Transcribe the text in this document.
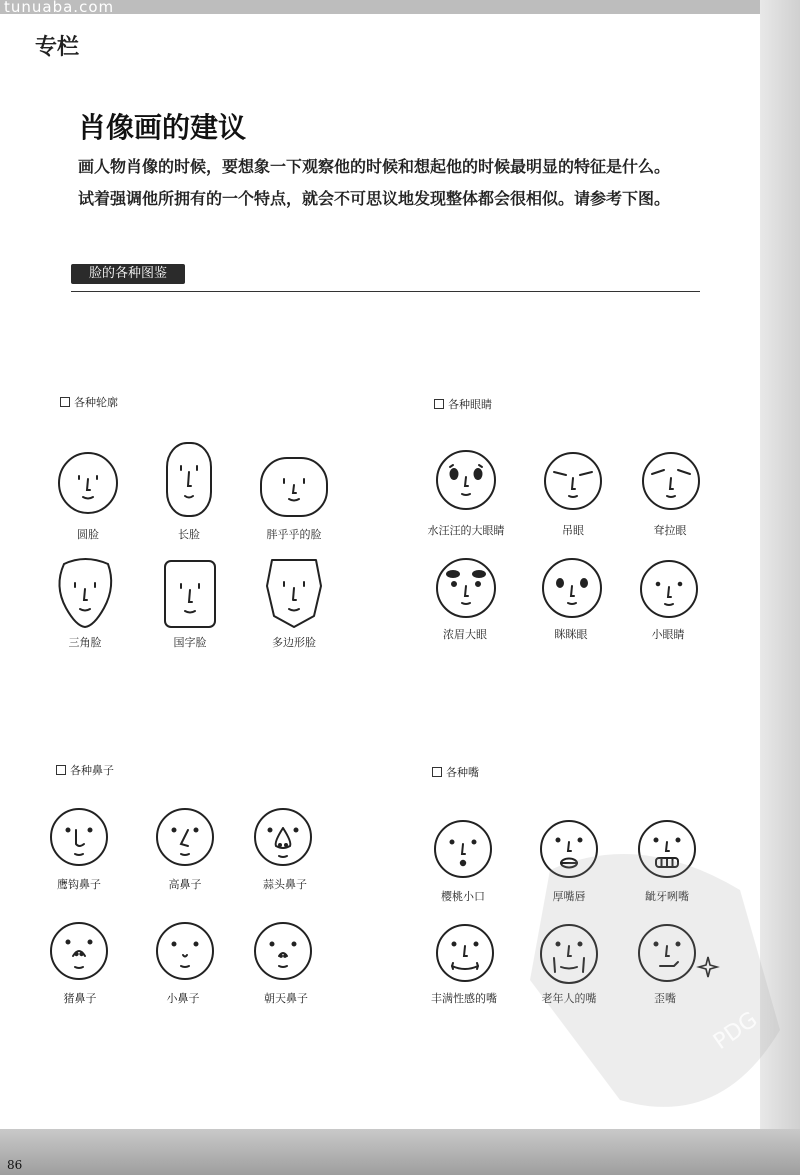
tunuaba.com
专栏
肖像画的建议
画人物肖像的时候，要想象一下观察他的时候和想起他的时候最明显的特征是什么。
试着强调他所拥有的一个特点，就会不可思议地发现整体都会很相似。请参考下图。
脸的各种图鉴
各种轮廓
圆脸	长脸	胖乎乎的脸
三角脸	国字脸	多边形脸
各种眼睛
水汪汪的大眼睛	吊眼	耷拉眼
浓眉大眼	眯眯眼	小眼睛
各种鼻子
鹰钩鼻子	高鼻子	蒜头鼻子
猪鼻子	小鼻子	朝天鼻子
各种嘴
樱桃小口	厚嘴唇	龇牙咧嘴
丰满性感的嘴	老年人的嘴	歪嘴
PDG
86
